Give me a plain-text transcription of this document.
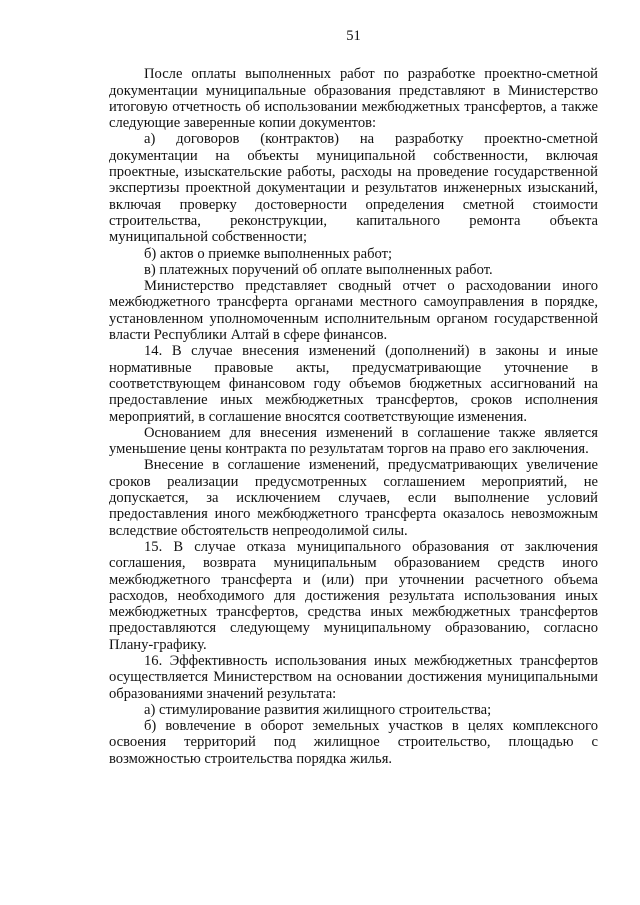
51

После оплаты выполненных работ по разработке проектно-сметной документации муниципальные образования представляют в Министерство итоговую отчетность об использовании межбюджетных трансфертов, а также следующие заверенные копии документов:

а) договоров (контрактов) на разработку проектно-сметной документации на объекты муниципальной собственности, включая проектные, изыскательские работы, расходы на проведение государственной экспертизы проектной документации и результатов инженерных изысканий, включая проверку достоверности определения сметной стоимости строительства, реконструкции, капитального ремонта объекта муниципальной собственности;

б) актов о приемке выполненных работ;

в) платежных поручений об оплате выполненных работ.

Министерство представляет сводный отчет о расходовании иного межбюджетного трансферта органами местного самоуправления в порядке, установленном уполномоченным исполнительным органом государственной власти Республики Алтай в сфере финансов.

14. В случае внесения изменений (дополнений) в законы и иные нормативные правовые акты, предусматривающие уточнение в соответствующем финансовом году объемов бюджетных ассигнований на предоставление иных межбюджетных трансфертов, сроков исполнения мероприятий, в соглашение вносятся соответствующие изменения.

Основанием для внесения изменений в соглашение также является уменьшение цены контракта по результатам торгов на право его заключения.

Внесение в соглашение изменений, предусматривающих увеличение сроков реализации предусмотренных соглашением мероприятий, не допускается, за исключением случаев, если выполнение условий предоставления иного межбюджетного трансферта оказалось невозможным вследствие обстоятельств непреодолимой силы.

15. В случае отказа муниципального образования от заключения соглашения, возврата муниципальным образованием средств иного межбюджетного трансферта и (или) при уточнении расчетного объема расходов, необходимого для достижения результата использования иных межбюджетных трансфертов, средства иных межбюджетных трансфертов предоставляются следующему муниципальному образованию, согласно Плану-графику.

16. Эффективность использования иных межбюджетных трансфертов осуществляется Министерством на основании достижения муниципальными образованиями значений результата:

а) стимулирование развития жилищного строительства;

б) вовлечение в оборот земельных участков в целях комплексного освоения территорий под жилищное строительство, площадью с возможностью строительства порядка жилья.
